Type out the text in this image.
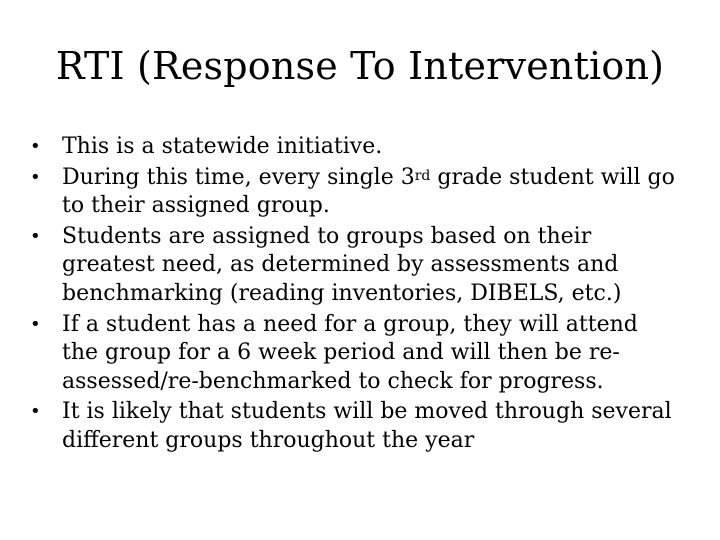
RTI (Response To Intervention)
• This is a statewide initiative.
• During this time, every single 3rd grade student will go to their assigned group.
• Students are assigned to groups based on their greatest need, as determined by assessments and benchmarking (reading inventories, DIBELS, etc.)
• If a student has a need for a group, they will attend the group for a 6 week period and will then be re-assessed/re-benchmarked to check for progress.
• It is likely that students will be moved through several different groups throughout the year
